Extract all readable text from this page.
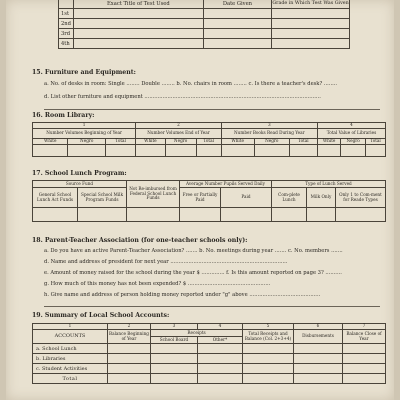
	Exact Title of Test Used	Date Given	Grade in Which Test Was Given
1st			
2nd			
3rd			
4th			
15. Furniture and Equipment:
a. No. of desks in room: Single ........ Double ........ b. No. chairs in room ........ c. Is there a teacher's desk? ........
d. List other furniture and equipment ...........................................................................................................
16. Room Library:
1			2			3			4		
Number Volumes Beginning of Year			Number Volumes End of Year			Number Books Read During Year			Total Value of Libraries		
White	Negro	Total	White	Negro	Total	White	Negro	Total	White	Negro	Total

17. School Lunch Program:
Source Fund		Not Re-imbursed from Federal School Lunch Funds	Average Number Pupils Served Daily		Type of Lunch Served		
General School Lunch Act Funds	Special School Milk Program Funds		Free or Partially Paid	Paid	Com-plete Lunch	Milk Only	Only 1 to Com-ment for Reade Types

18. Parent-Teacher Association (for one-teacher schools only):
a. Do you have an active Parent-Teacher Association? ....... b. No. meetings during year ....... c. No. members .......
d. Name and address of president for next year .......................................................................
e. Amount of money raised for the school during the year $ .............. f. Is this amount reported on page 3? ..........
g. How much of this money has not been expended? $ ..................................................
h. Give name and address of person holding money reported under "g" above ...........................................
19. Summary of Local School Accounts:
1	2	3	4	5	6	7
ACCOUNTS	Balance Beginning of Year	Receipts		Total Receipts and Balance (Col. 2+3+4)	Disbursements	Balance Close of Year
		School Board	Other*			
a. School Lunch						
b. Libraries						
c. Student Activities						
Total						
